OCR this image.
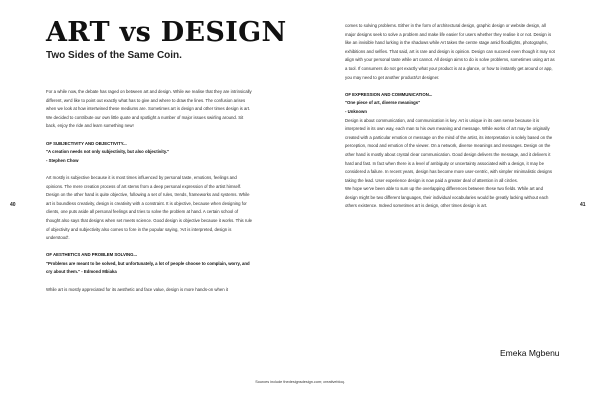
ART vs DESIGN
Two Sides of the Same Coin.

For a while now, the debate has raged on between art and design. While we realise that they are intrinsically different, we'd like to point out exactly what has to give and where to draw the lines. The confusion arises when we look at how intertwined these mediums are. Sometimes art is design and other times design is art. We decided to contribute our own little quote and spotlight a number of major issues swirling around. Sit back, enjoy the ride and learn something new!

OF SUBJECTIVITY AND OBJECTIVITY...

"A creation needs not only subjectivity, but also objectivity."

- Stephen Chow

Art mostly is subjective because it is most times influenced by personal taste, emotions, feelings and opinions. The mere creation process of art stems from a deep personal expression of the artist himself. Design on the other hand is quite objective, following a set of rules, trends, frameworks and systems. While art is boundless creativity, design is creativity with a constraint. It is objective, because when designing for clients, one puts aside all personal feelings and tries to solve the problem at hand. A certain school of thought also says that designs when set meets science. Good design is objective because it works. This rule of objectivity and subjectivity also comes to fore in the popular saying, 'Art is interpreted, design is understood'.

OF AESTHETICS AND PROBLEM SOLVING...

"Problems are meant to be solved, but unfortunately, a lot of people choose to complain, worry, and cry about them." - Edmond Mbiaka

While art is mostly appreciated for its aesthetic and face value, design is more hands-on when it

40	41

comes to solving problems. Either in the form of architectural design, graphic design or website design, all major designs seek to solve a problem and make life easier for users whether they realise it or not. Design is like an invisible hand lurking in the shadows while Art takes the centre stage amid floodlights, photographs, exhibitions and selfies. That said, art is rare and design is opinion. Design can succeed even though it may not align with your personal taste while art cannot. All design aims to do is solve problems, sometimes using art as a tool. If consumers do not get exactly what your product is at a glance, or how to instantly get around or app, you may need to get another product/UI designer.

OF EXPRESSION AND COMMUNICATION...

"One piece of art, diverse meanings"

- Unknown

Design is about communication, and communication is key. Art is unique in its own sense because it is interpreted in its own way, each man to his own meaning and message. While works of art may be originally created with a particular emotion or message on the mind of the artist, its interpretation is solely based on the perception, mood and emotion of the viewer. On a network, diverse meanings and messages. Design on the other hand is mostly about crystal clear communication. Good design delivers the message, and it delivers it hard and fast. In fact when there is a level of ambiguity or uncertainty associated with a design, it may be considered a failure. In recent years, design has become more user-centric, with simpler minimalistic designs taking the lead. User experience design is now paid a greater deal of attention in all circles.

We hope we've been able to sum up the overlapping differences between these two fields. While art and design might be two different languages, their individual vocabularies would be greatly lacking without each others existence. Indeed sometimes art is design, other times design is art.

Emeka Mgbenu
Sources include thedesignsdesign.com; creativebloq.
